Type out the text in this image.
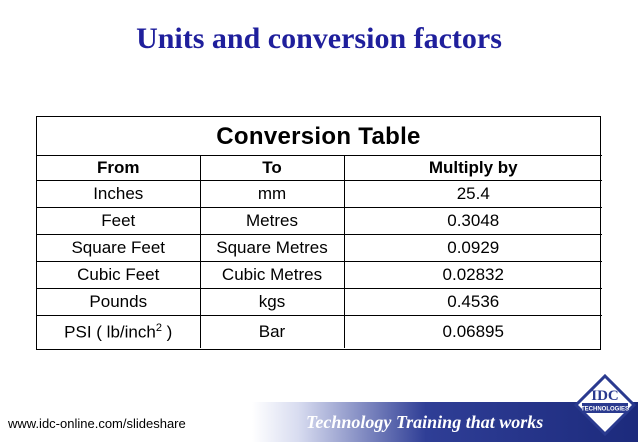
Units and conversion factors
Conversion Table
From	To	Multiply by
Inches	mm	25.4
Feet	Metres	0.3048
Square Feet	Square Metres	0.0929
Cubic Feet	Cubic Metres	0.02832
Pounds	kgs	0.4536
PSI ( lb/inch$^2$ )	Bar	0.06895
www.idc-online.com/slideshare	Technology Training that works
IDC
TECHNOLOGIES
